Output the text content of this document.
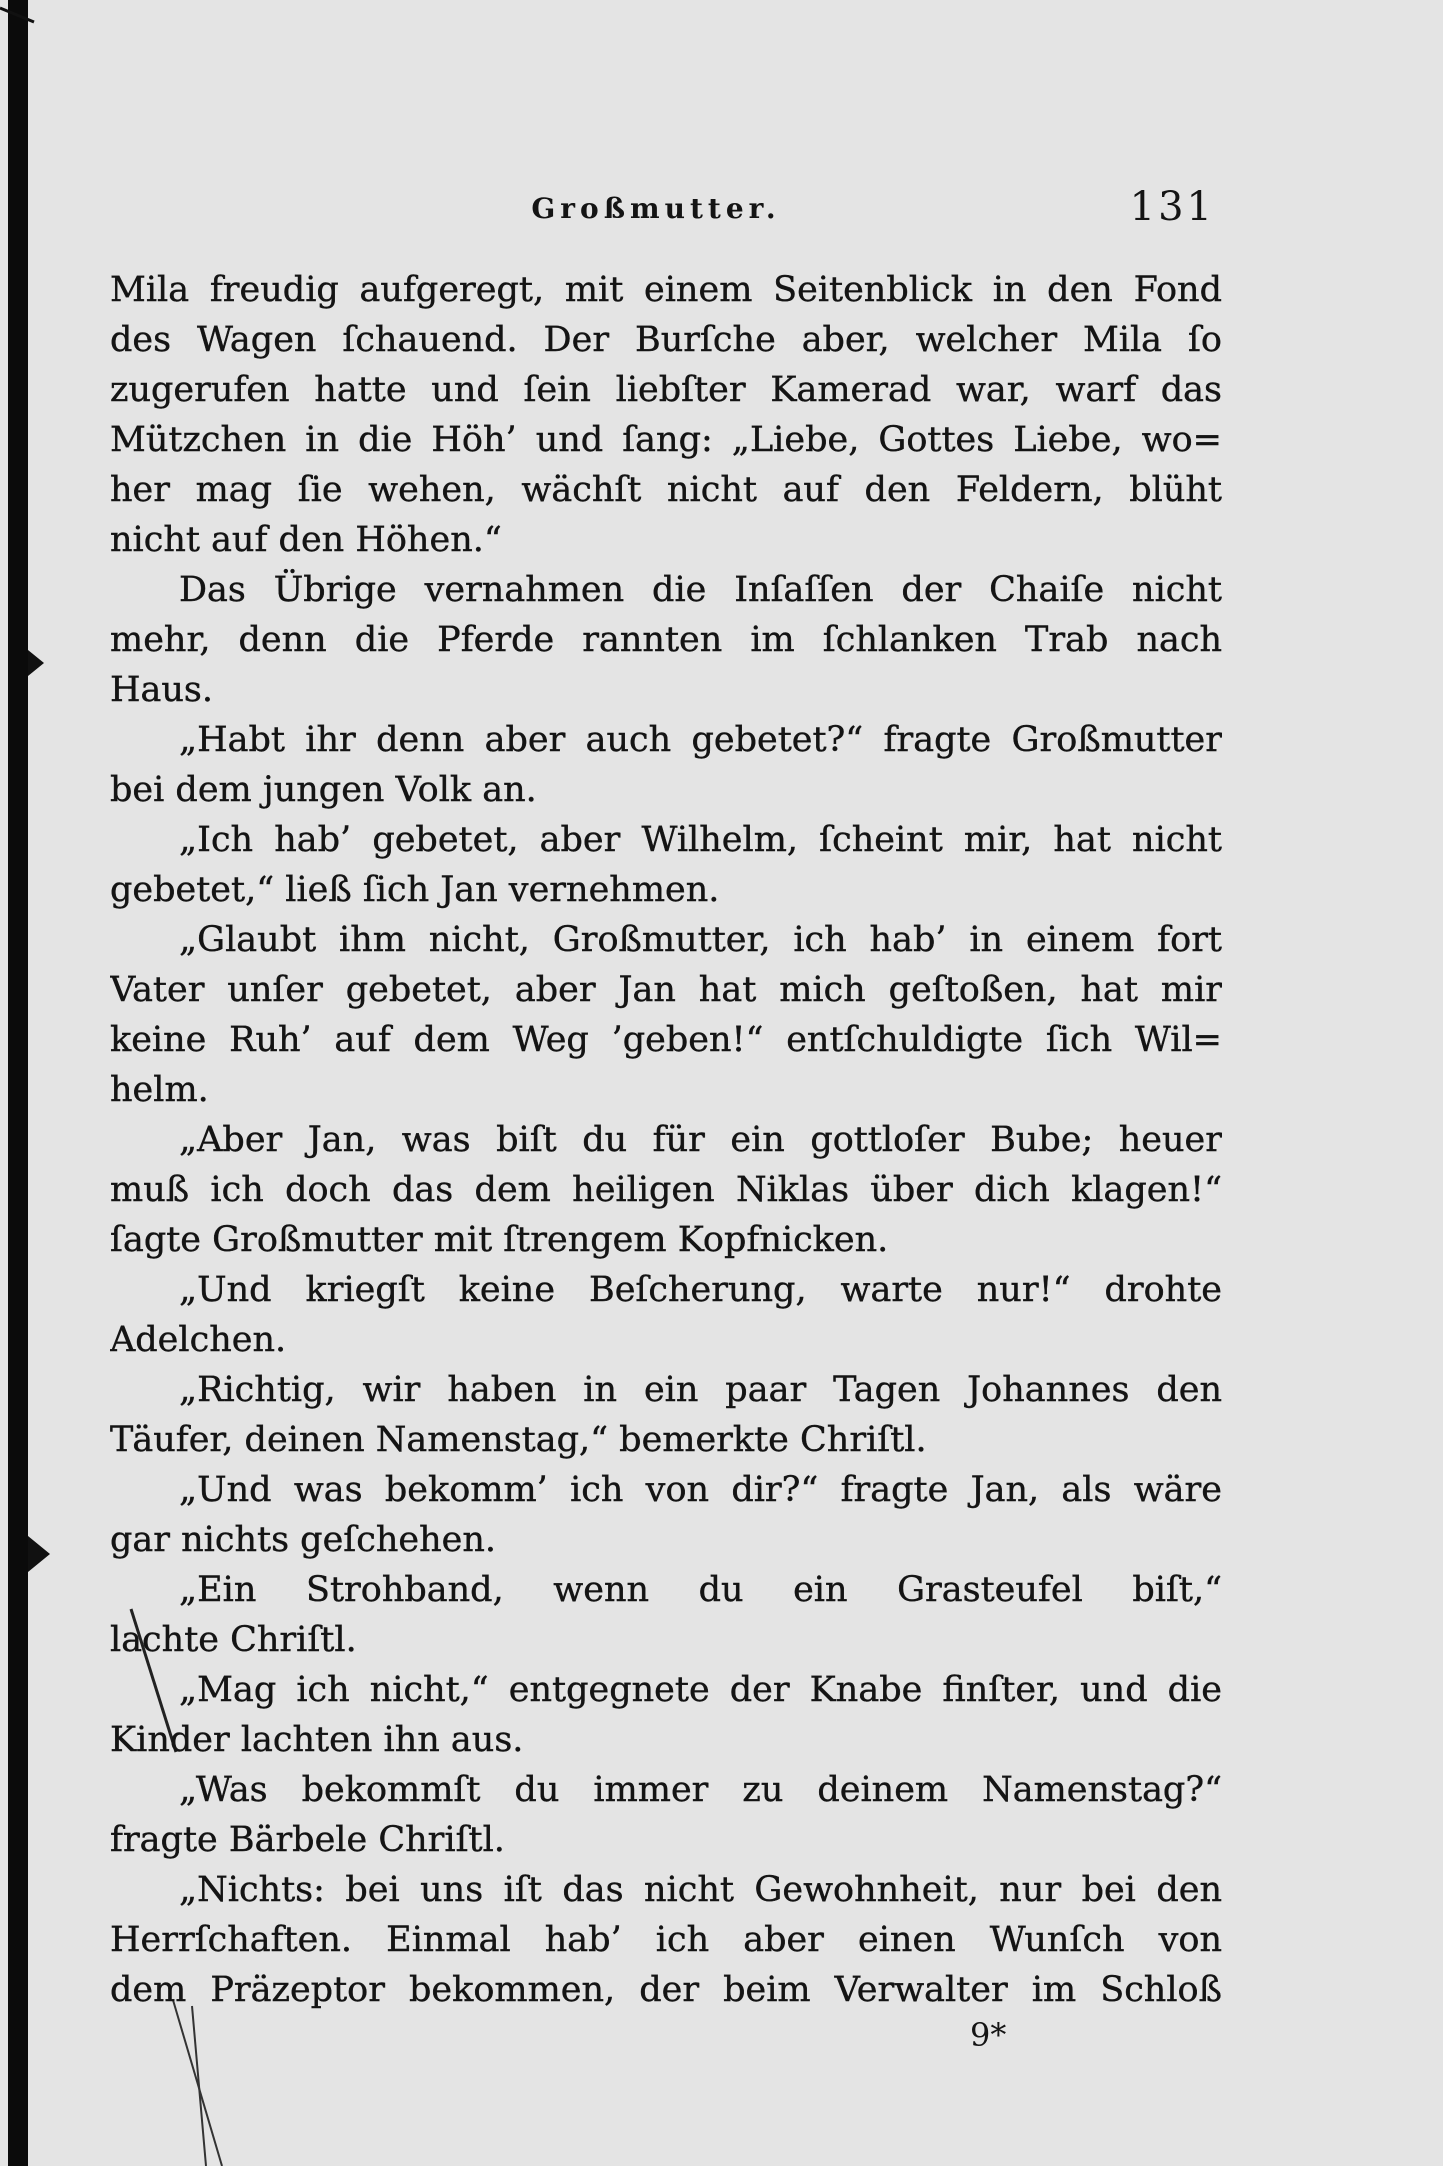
Großmutter.	131
Mila freudig aufgeregt, mit einem Seitenblick in den Fond
des Wagen ſchauend. Der Burſche aber, welcher Mila ſo
zugerufen hatte und ſein liebſter Kamerad war, warf das
Mützchen in die Höh’ und ſang: „Liebe, Gottes Liebe, wo=
her mag ſie wehen, wächſt nicht auf den Feldern, blüht
nicht auf den Höhen.“
Das Übrige vernahmen die Inſaſſen der Chaiſe nicht
mehr, denn die Pferde rannten im ſchlanken Trab nach
Haus.
„Habt ihr denn aber auch gebetet?“ fragte Großmutter
bei dem jungen Volk an.
„Ich hab’ gebetet, aber Wilhelm, ſcheint mir, hat nicht
gebetet,“ ließ ſich Jan vernehmen.
„Glaubt ihm nicht, Großmutter, ich hab’ in einem fort
Vater unſer gebetet, aber Jan hat mich geſtoßen, hat mir
keine Ruh’ auf dem Weg ’geben!“ entſchuldigte ſich Wil=
helm.
„Aber Jan, was biſt du für ein gottloſer Bube; heuer
muß ich doch das dem heiligen Niklas über dich klagen!“
ſagte Großmutter mit ſtrengem Kopfnicken.
„Und kriegſt keine Beſcherung, warte nur!“ drohte
Adelchen.
„Richtig, wir haben in ein paar Tagen Johannes den
Täufer, deinen Namenstag,“ bemerkte Chriſtl.
„Und was bekomm’ ich von dir?“ fragte Jan, als wäre
gar nichts geſchehen.
„Ein Strohband, wenn du ein Grasteufel biſt,“
lachte Chriſtl.
„Mag ich nicht,“ entgegnete der Knabe finſter, und die
Kinder lachten ihn aus.
„Was bekommſt du immer zu deinem Namenstag?“
fragte Bärbele Chriſtl.
„Nichts: bei uns iſt das nicht Gewohnheit, nur bei den
Herrſchaften. Einmal hab’ ich aber einen Wunſch von
dem Präzeptor bekommen, der beim Verwalter im Schloß
9*
